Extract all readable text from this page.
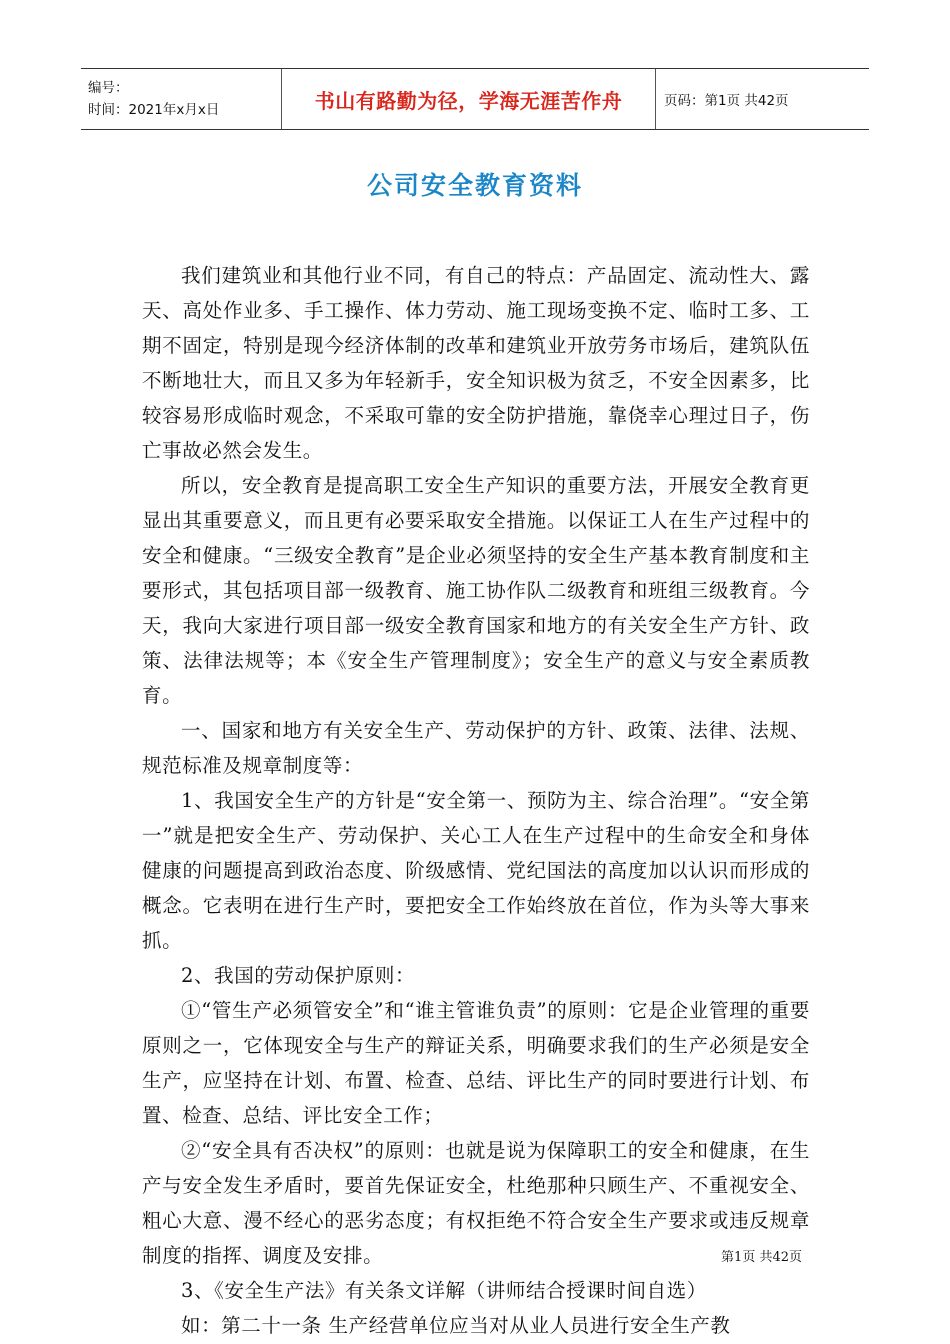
编号：
时间：2021年x月x日	书山有路勤为径，学海无涯苦作舟	页码：第1页 共42页
公司安全教育资料

我们建筑业和其他行业不同，有自己的特点：产品固定、流动性大、露天、高处作业多、手工操作、体力劳动、施工现场变换不定、临时工多、工期不固定，特别是现今经济体制的改革和建筑业开放劳务市场后，建筑队伍不断地壮大，而且又多为年轻新手，安全知识极为贫乏，不安全因素多，比较容易形成临时观念，不采取可靠的安全防护措施，靠侥幸心理过日子，伤亡事故必然会发生。

所以，安全教育是提高职工安全生产知识的重要方法，开展安全教育更显出其重要意义，而且更有必要采取安全措施。以保证工人在生产过程中的安全和健康。“三级安全教育”是企业必须坚持的安全生产基本教育制度和主要形式，其包括项目部一级教育、施工协作队二级教育和班组三级教育。今天，我向大家进行项目部一级安全教育国家和地方的有关安全生产方针、政策、法律法规等；本《安全生产管理制度》；安全生产的意义与安全素质教育。

一、国家和地方有关安全生产、劳动保护的方针、政策、法律、法规、规范标准及规章制度等：

1、我国安全生产的方针是“安全第一、预防为主、综合治理”。“安全第一”就是把安全生产、劳动保护、关心工人在生产过程中的生命安全和身体健康的问题提高到政治态度、阶级感情、党纪国法的高度加以认识而形成的概念。它表明在进行生产时，要把安全工作始终放在首位，作为头等大事来抓。

2、我国的劳动保护原则：

①“管生产必须管安全”和“谁主管谁负责”的原则：它是企业管理的重要原则之一，它体现安全与生产的辩证关系，明确要求我们的生产必须是安全生产，应坚持在计划、布置、检查、总结、评比生产的同时要进行计划、布置、检查、总结、评比安全工作；

②“安全具有否决权”的原则：也就是说为保障职工的安全和健康，在生产与安全发生矛盾时，要首先保证安全，杜绝那种只顾生产、不重视安全、粗心大意、漫不经心的恶劣态度；有权拒绝不符合安全生产要求或违反规章制度的指挥、调度及安排。

3、《安全生产法》有关条文详解（讲师结合授课时间自选）

如：第二十一条 生产经营单位应当对从业人员进行安全生产教

第1页 共42页
